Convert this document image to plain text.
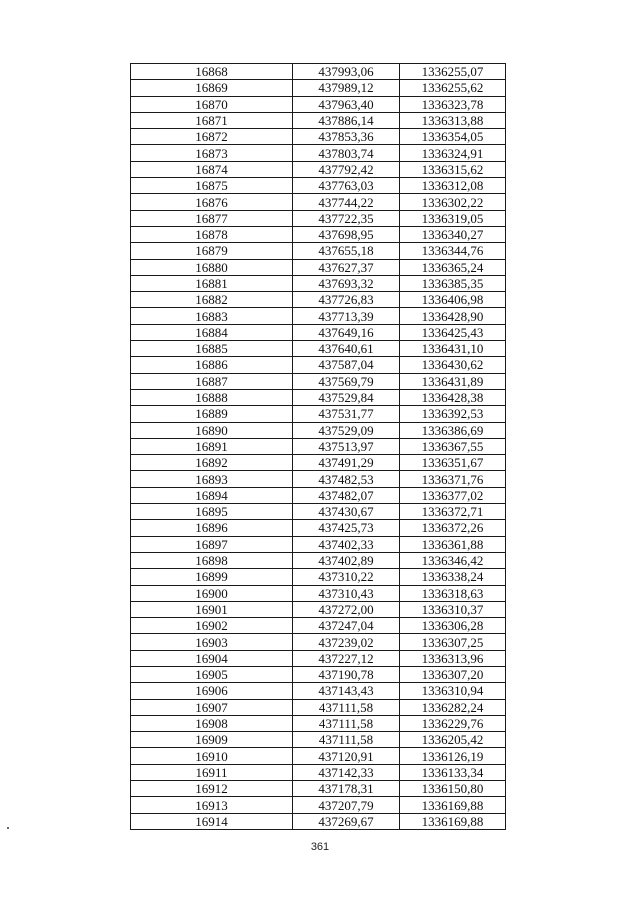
16868	437993,06	1336255,07
16869	437989,12	1336255,62
16870	437963,40	1336323,78
16871	437886,14	1336313,88
16872	437853,36	1336354,05
16873	437803,74	1336324,91
16874	437792,42	1336315,62
16875	437763,03	1336312,08
16876	437744,22	1336302,22
16877	437722,35	1336319,05
16878	437698,95	1336340,27
16879	437655,18	1336344,76
16880	437627,37	1336365,24
16881	437693,32	1336385,35
16882	437726,83	1336406,98
16883	437713,39	1336428,90
16884	437649,16	1336425,43
16885	437640,61	1336431,10
16886	437587,04	1336430,62
16887	437569,79	1336431,89
16888	437529,84	1336428,38
16889	437531,77	1336392,53
16890	437529,09	1336386,69
16891	437513,97	1336367,55
16892	437491,29	1336351,67
16893	437482,53	1336371,76
16894	437482,07	1336377,02
16895	437430,67	1336372,71
16896	437425,73	1336372,26
16897	437402,33	1336361,88
16898	437402,89	1336346,42
16899	437310,22	1336338,24
16900	437310,43	1336318,63
16901	437272,00	1336310,37
16902	437247,04	1336306,28
16903	437239,02	1336307,25
16904	437227,12	1336313,96
16905	437190,78	1336307,20
16906	437143,43	1336310,94
16907	437111,58	1336282,24
16908	437111,58	1336229,76
16909	437111,58	1336205,42
16910	437120,91	1336126,19
16911	437142,33	1336133,34
16912	437178,31	1336150,80
16913	437207,79	1336169,88
16914	437269,67	1336169,88
361
